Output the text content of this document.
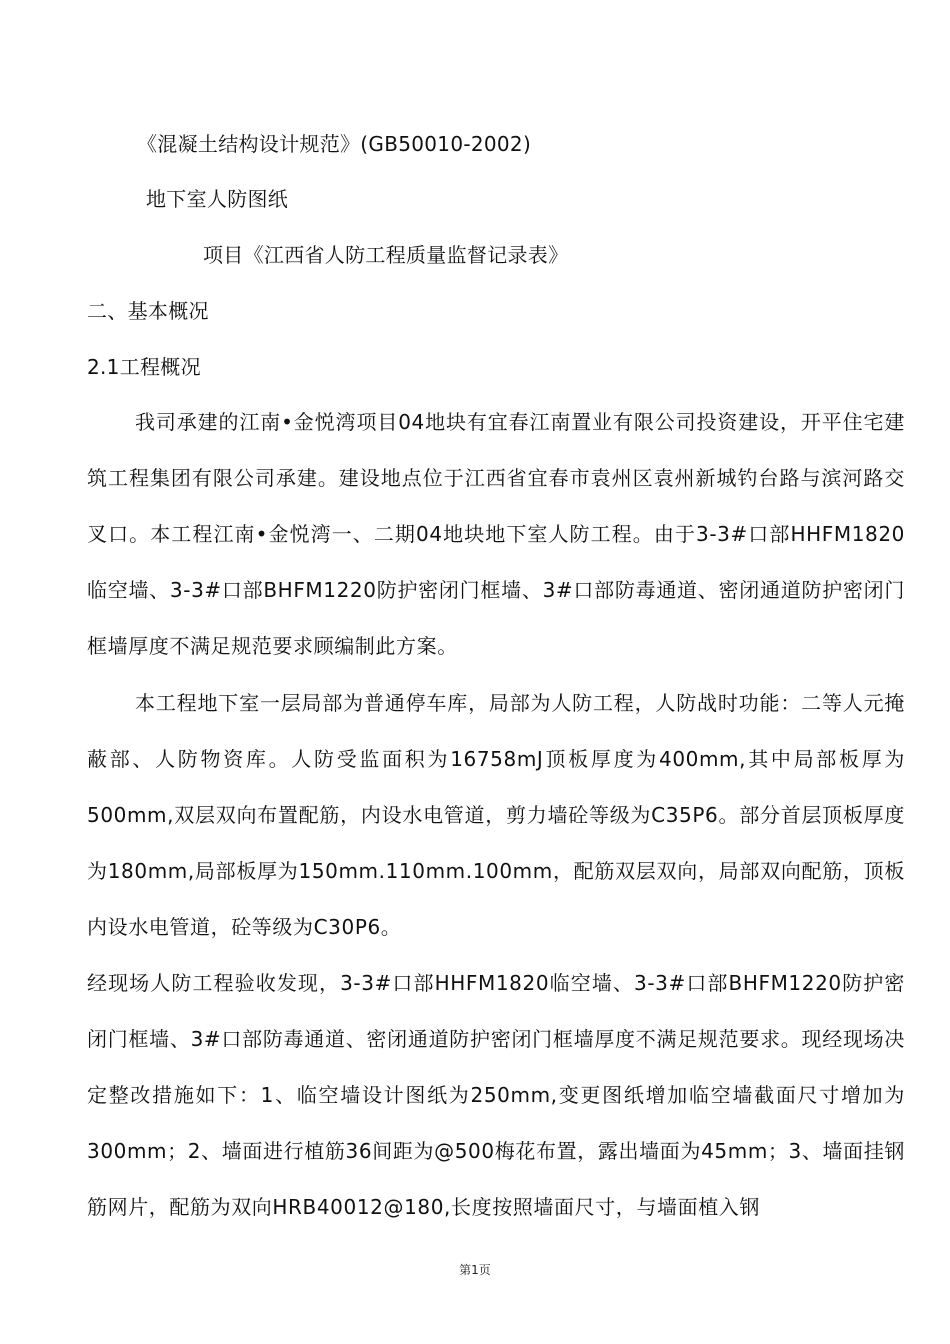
《混凝土结构设计规范》(GB50010-2002)
地下室人防图纸
项目《江西省人防工程质量监督记录表》
二、基本概况
2.1工程概况
我司承建的江南•金悦湾项目04地块有宜春江南置业有限公司投资建设，开平住宅建筑工程集团有限公司承建。建设地点位于江西省宜春市袁州区袁州新城钓台路与滨河路交叉口。本工程江南•金悦湾一、二期04地块地下室人防工程。由于3-3#口部HHFM1820临空墙、3-3#口部BHFM1220防护密闭门框墙、3#口部防毒通道、密闭通道防护密闭门框墙厚度不满足规范要求顾编制此方案。
本工程地下室一层局部为普通停车库，局部为人防工程，人防战时功能：二等人元掩蔽部、人防物资库。人防受监面积为16758mJ顶板厚度为400mm,其中局部板厚为500mm,双层双向布置配筋，内设水电管道，剪力墙砼等级为C35P6。部分首层顶板厚度为180mm,局部板厚为150mm.110mm.100mm，配筋双层双向，局部双向配筋，顶板内设水电管道，砼等级为C30P6。
经现场人防工程验收发现，3-3#口部HHFM1820临空墙、3-3#口部BHFM1220防护密闭门框墙、3#口部防毒通道、密闭通道防护密闭门框墙厚度不满足规范要求。现经现场决定整改措施如下：1、临空墙设计图纸为250mm,变更图纸增加临空墙截面尺寸增加为300mm；2、墙面进行植筋36间距为@500梅花布置，露出墙面为45mm；3、墙面挂钢筋网片，配筋为双向HRB40012@180,长度按照墙面尺寸，与墙面植入钢
第1页
